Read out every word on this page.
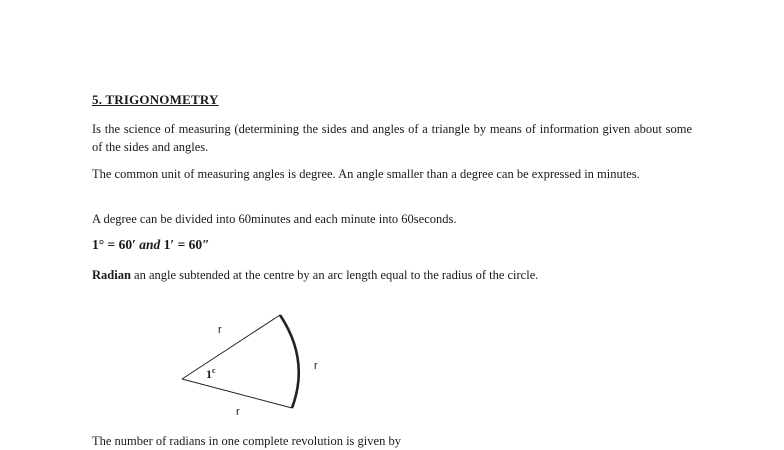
5. TRIGONOMETRY
Is the science of measuring (determining the sides and angles of a triangle by means of information given about some of the sides and angles.
The common unit of measuring angles is degree. An angle smaller than a degree can be expressed in minutes.
A degree can be divided into 60minutes and each minute into 60seconds.
1° = 60′ and 1′ = 60″
Radian an angle subtended at the centre by an arc length equal to the radius of the circle.
r
r
r
1$^c$
The number of radians in one complete revolution is given by
